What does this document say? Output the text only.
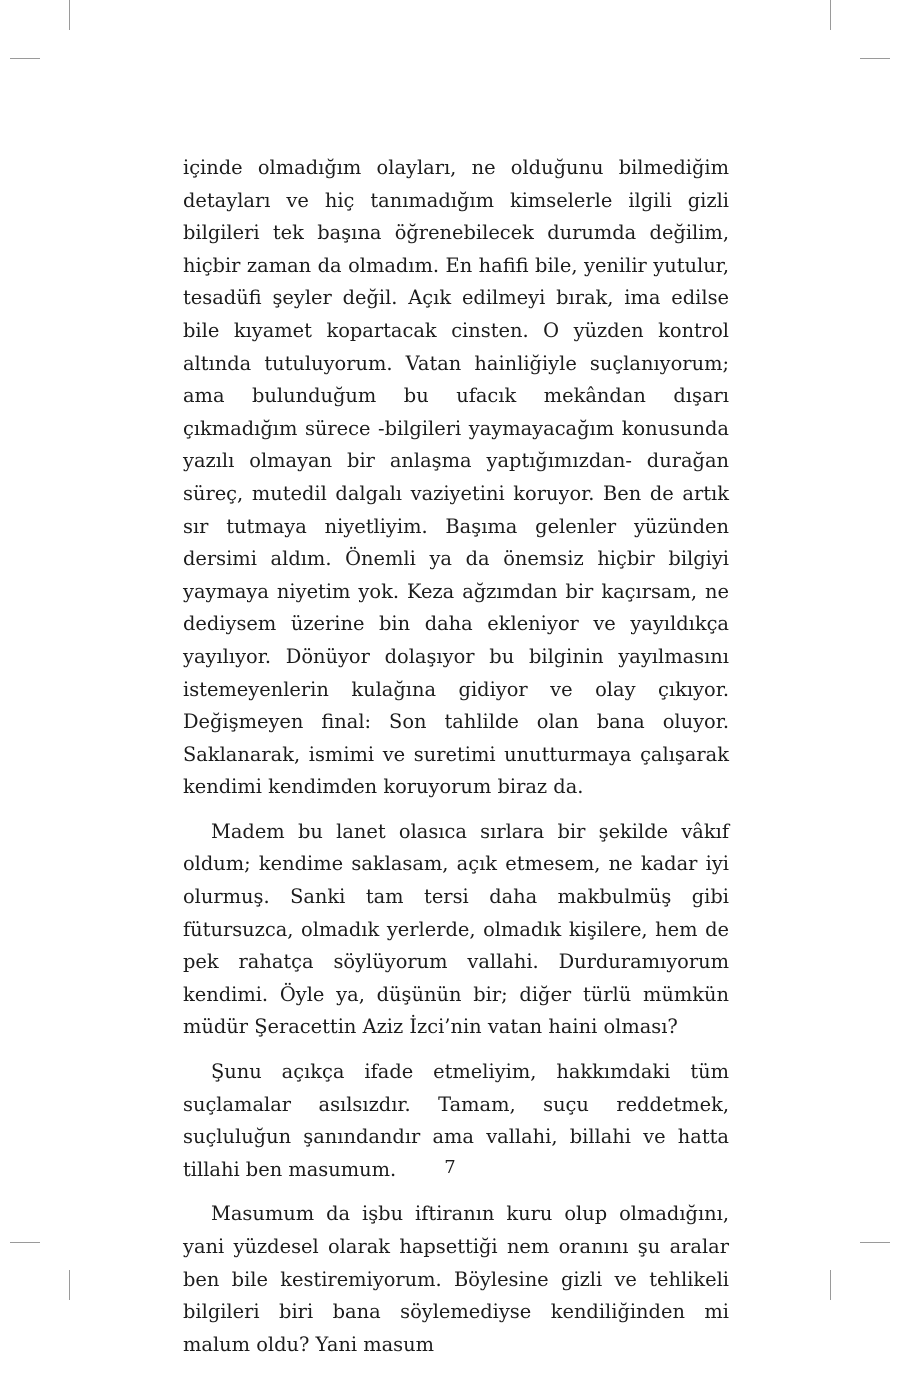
içinde olmadığım olayları, ne olduğunu bilmediğim detayları ve hiç tanımadığım kimselerle ilgili gizli bilgileri tek başına öğrenebilecek durumda değilim, hiçbir zaman da olmadım. En hafifi bile, yenilir yutulur, tesadüfi şeyler değil. Açık edilmeyi bırak, ima edilse bile kıyamet kopartacak cinsten. O yüzden kontrol altında tutuluyorum. Vatan hainliğiyle suçlanıyorum; ama bulunduğum bu ufacık mekândan dışarı çıkmadığım sürece -bilgileri yaymayacağım konusunda yazılı olmayan bir anlaşma yaptığımızdan- durağan süreç, mutedil dalgalı vaziyetini koruyor. Ben de artık sır tutmaya niyetliyim. Başıma gelenler yüzünden dersimi aldım. Önemli ya da önemsiz hiçbir bilgiyi yaymaya niyetim yok. Keza ağzımdan bir kaçırsam, ne dediysem üzerine bin daha ekleniyor ve yayıldıkça yayılıyor. Dönüyor dolaşıyor bu bilginin yayılmasını istemeyenlerin kulağına gidiyor ve olay çıkıyor. Değişmeyen final: Son tahlilde olan bana oluyor. Saklanarak, ismimi ve suretimi unutturmaya çalışarak kendimi kendimden koruyorum biraz da.

Madem bu lanet olasıca sırlara bir şekilde vâkıf oldum; kendime saklasam, açık etmesem, ne kadar iyi olurmuş. Sanki tam tersi daha makbulmüş gibi fütursuzca, olmadık yerlerde, olmadık kişilere, hem de pek rahatça söylüyorum vallahi. Durduramıyorum kendimi. Öyle ya, düşünün bir; diğer türlü mümkün müdür Şeracettin Aziz İzci’nin vatan haini olması?

Şunu açıkça ifade etmeliyim, hakkımdaki tüm suçlamalar asılsızdır. Tamam, suçu reddetmek, suçluluğun şanındandır ama vallahi, billahi ve hatta tillahi ben masumum.

Masumum da işbu iftiranın kuru olup olmadığını, yani yüzdesel olarak hapsettiği nem oranını şu aralar ben bile kestiremiyorum. Böylesine gizli ve tehlikeli bilgileri biri bana söylemediyse kendiliğinden mi malum oldu? Yani masum

7
